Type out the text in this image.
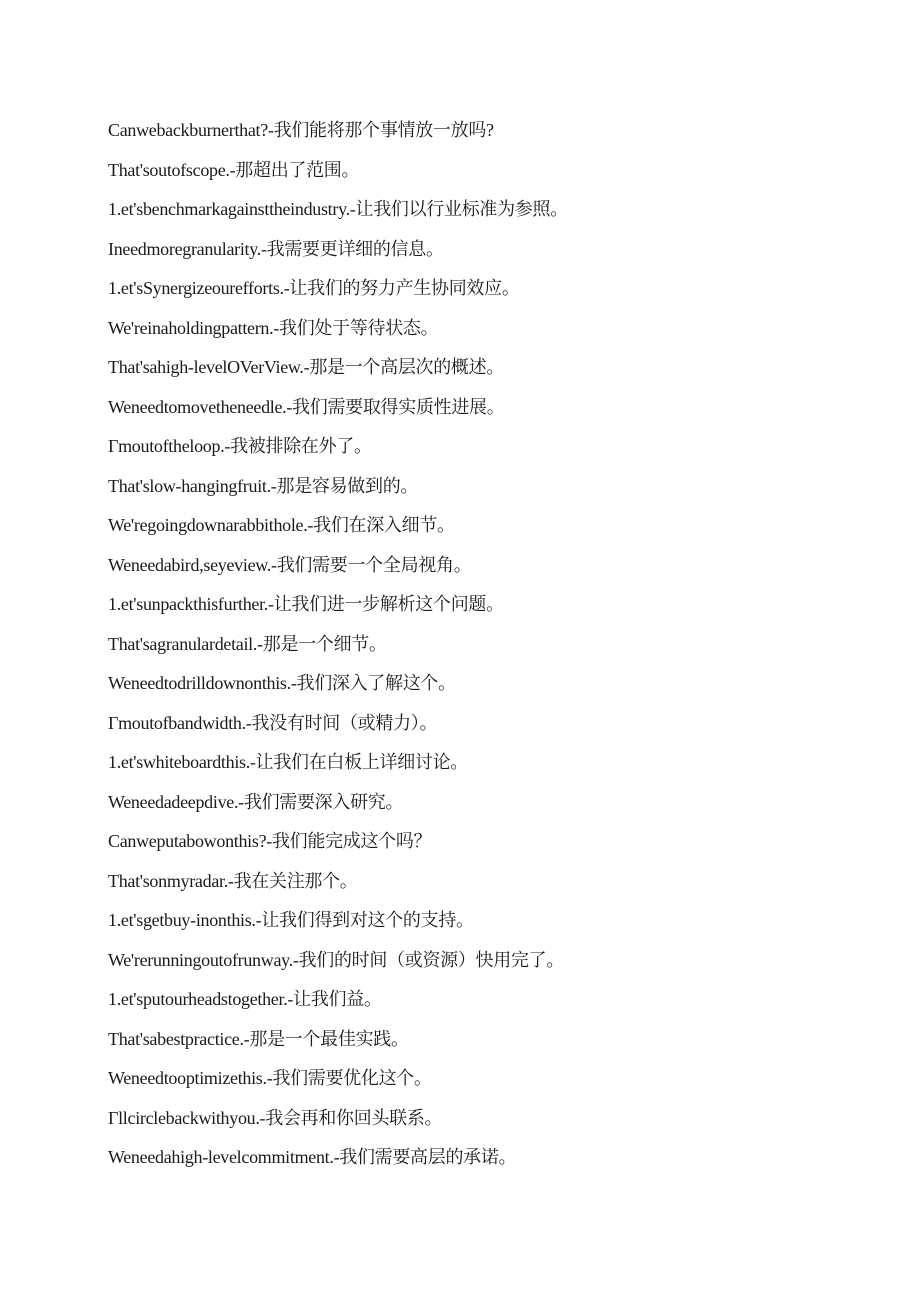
Canwebackburnerthat?-我们能将那个事情放一放吗?
That'soutofscope.-那超出了范围。
1.et'sbenchmarkagainsttheindustry.-让我们以行业标准为参照。
Ineedmoregranularity.-我需要更详细的信息。
1.et'sSynergizeourefforts.-让我们的努力产生协同效应。
We'reinaholdingpattern.-我们处于等待状态。
That'sahigh-levelOVerView.-那是一个高层次的概述。
Weneedtomovetheneedle.-我们需要取得实质性进展。
Γmoutoftheloop.-我被排除在外了。
That'slow-hangingfruit.-那是容易做到的。
We'regoingdownarabbithole.-我们在深入细节。
Weneedabird,seyeview.-我们需要一个全局视角。
1.et'sunpackthisfurther.-让我们进一步解析这个问题。
That'sagranulardetail.-那是一个细节。
Weneedtodrilldownonthis.-我们深入了解这个。
Γmoutofbandwidth.-我没有时间（或精力）。
1.et'swhiteboardthis.-让我们在白板上详细讨论。
Weneedadeepdive.-我们需要深入研究。
Canweputabowonthis?-我们能完成这个吗？
That'sonmyradar.-我在关注那个。
1.et'sgetbuy-inonthis.-让我们得到对这个的支持。
We'rerunningoutofrunway.-我们的时间（或资源）快用完了。
1.et'sputourheadstogether.-让我们益。
That'sabestpractice.-那是一个最佳实践。
Weneedtooptimizethis.-我们需要优化这个。
Γllcirclebackwithyou.-我会再和你回头联系。
Weneedahigh-levelcommitment.-我们需要高层的承诺。
